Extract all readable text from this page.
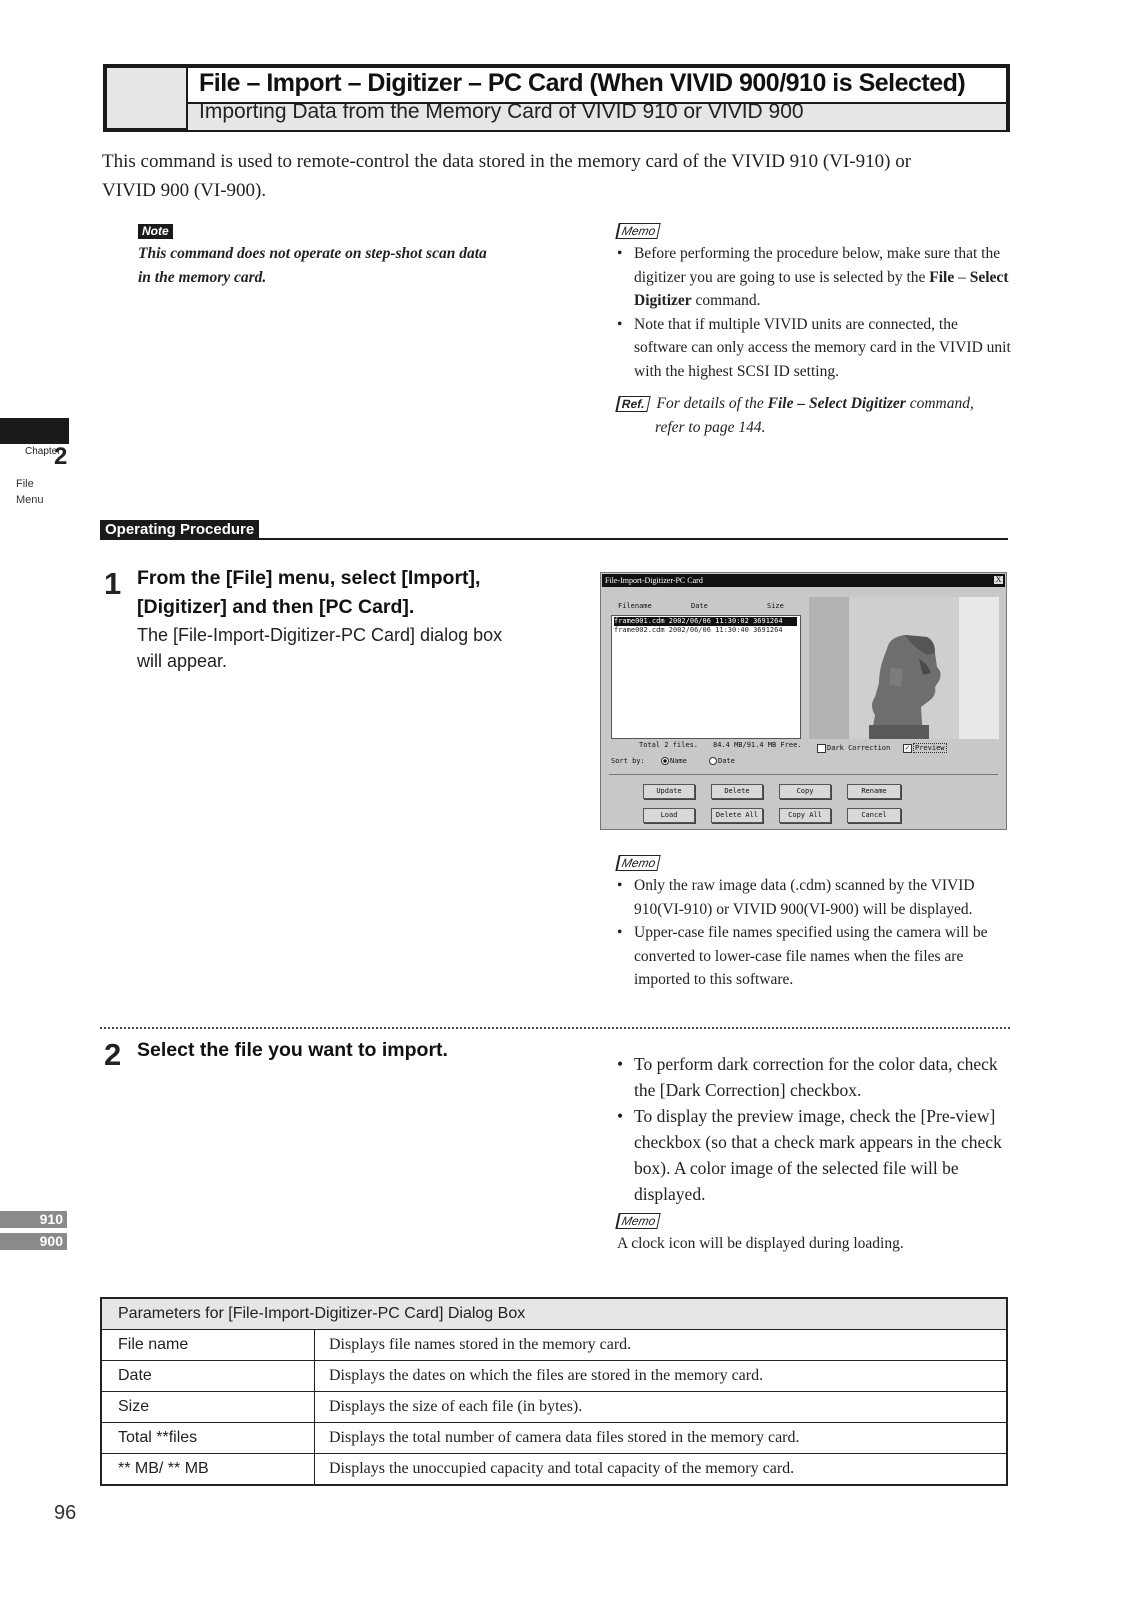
File – Import – Digitizer – PC Card (When VIVID 900/910 is Selected)
Importing Data from the Memory Card of VIVID 910 or VIVID 900
This command is used to remote-control the data stored in the memory card of the VIVID 910 (VI-910) or
VIVID 900 (VI-900).
Note
This command does not operate on step-shot scan data
in the memory card.
Memo
• Before performing the procedure below, make sure that the digitizer you are going to use is selected by the File – Select Digitizer command.
• Note that if multiple VIVID units are connected, the software can only access the memory card in the VIVID unit with the highest SCSI ID setting.
Ref. For details of the File – Select Digitizer command,
refer to page 144.
Chapter
2
File
Menu
Operating Procedure
1 From the [File] menu, select [Import],
[Digitizer] and then [PC Card].
The [File-Import-Digitizer-PC Card] dialog box
will appear.
File-Import-Digitizer-PC Card	X
Filename	Date	Size
frame001.cdm 2002/06/06 11:30:02 3691264
frame002.cdm 2002/06/06 11:30:40 3691264
Total 2 files. 84.4 MB/91.4 MB Free.	Dark Correction ✓ Preview
Sort by:	Name	Date
Update	Delete	Copy	Rename
Load	Delete All	Copy All	Cancel
Memo
• Only the raw image data (.cdm) scanned by the VIVID 910(VI-910) or VIVID 900(VI-900) will be displayed.
• Upper-case file names specified using the camera will be converted to lower-case file names when the files are imported to this software.
2 Select the file you want to import.
• To perform dark correction for the color data, check the [Dark Correction] checkbox.
• To display the preview image, check the [Pre-view] checkbox (so that a check mark appears in the check box). A color image of the selected file will be displayed.
Memo
A clock icon will be displayed during loading.
910
900
Parameters for [File-Import-Digitizer-PC Card] Dialog Box	
File name	Displays file names stored in the memory card.
Date	Displays the dates on which the files are stored in the memory card.
Size	Displays the size of each file (in bytes).
Total **files	Displays the total number of camera data files stored in the memory card.
** MB/ ** MB	Displays the unoccupied capacity and total capacity of the memory card.
96
